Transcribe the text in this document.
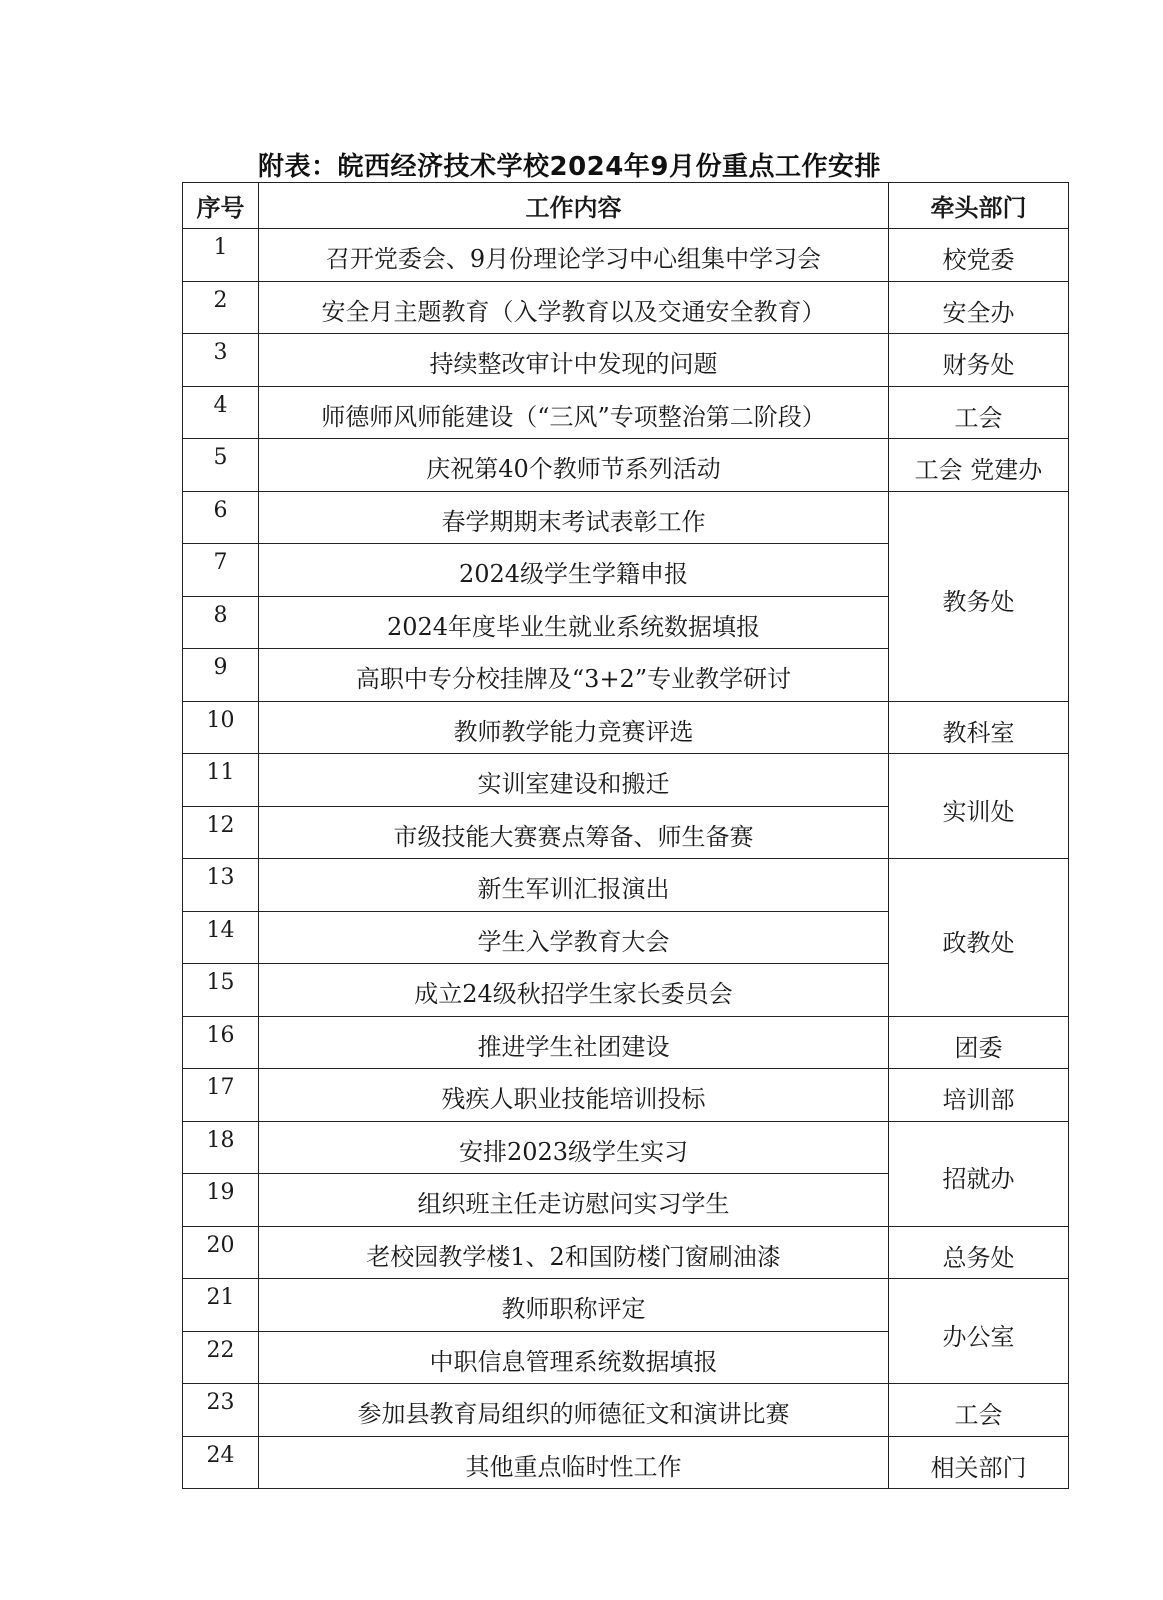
附表：皖西经济技术学校2024年9月份重点工作安排
序号	工作内容	牵头部门
1	召开党委会、9月份理论学习中心组集中学习会	校党委
2	安全月主题教育（入学教育以及交通安全教育）	安全办
3	持续整改审计中发现的问题	财务处
4	师德师风师能建设（“三风”专项整治第二阶段）	工会
5	庆祝第40个教师节系列活动	工会 党建办
6	春学期期末考试表彰工作	教务处
7	2024级学生学籍申报	
8	2024年度毕业生就业系统数据填报	
9	高职中专分校挂牌及“3+2”专业教学研讨	
10	教师教学能力竞赛评选	教科室
11	实训室建设和搬迁	实训处
12	市级技能大赛赛点筹备、师生备赛	
13	新生军训汇报演出	政教处
14	学生入学教育大会	
15	成立24级秋招学生家长委员会	
16	推进学生社团建设	团委
17	残疾人职业技能培训投标	培训部
18	安排2023级学生实习	招就办
19	组织班主任走访慰问实习学生	
20	老校园教学楼1、2和国防楼门窗刷油漆	总务处
21	教师职称评定	办公室
22	中职信息管理系统数据填报	
23	参加县教育局组织的师德征文和演讲比赛	工会
24	其他重点临时性工作	相关部门
